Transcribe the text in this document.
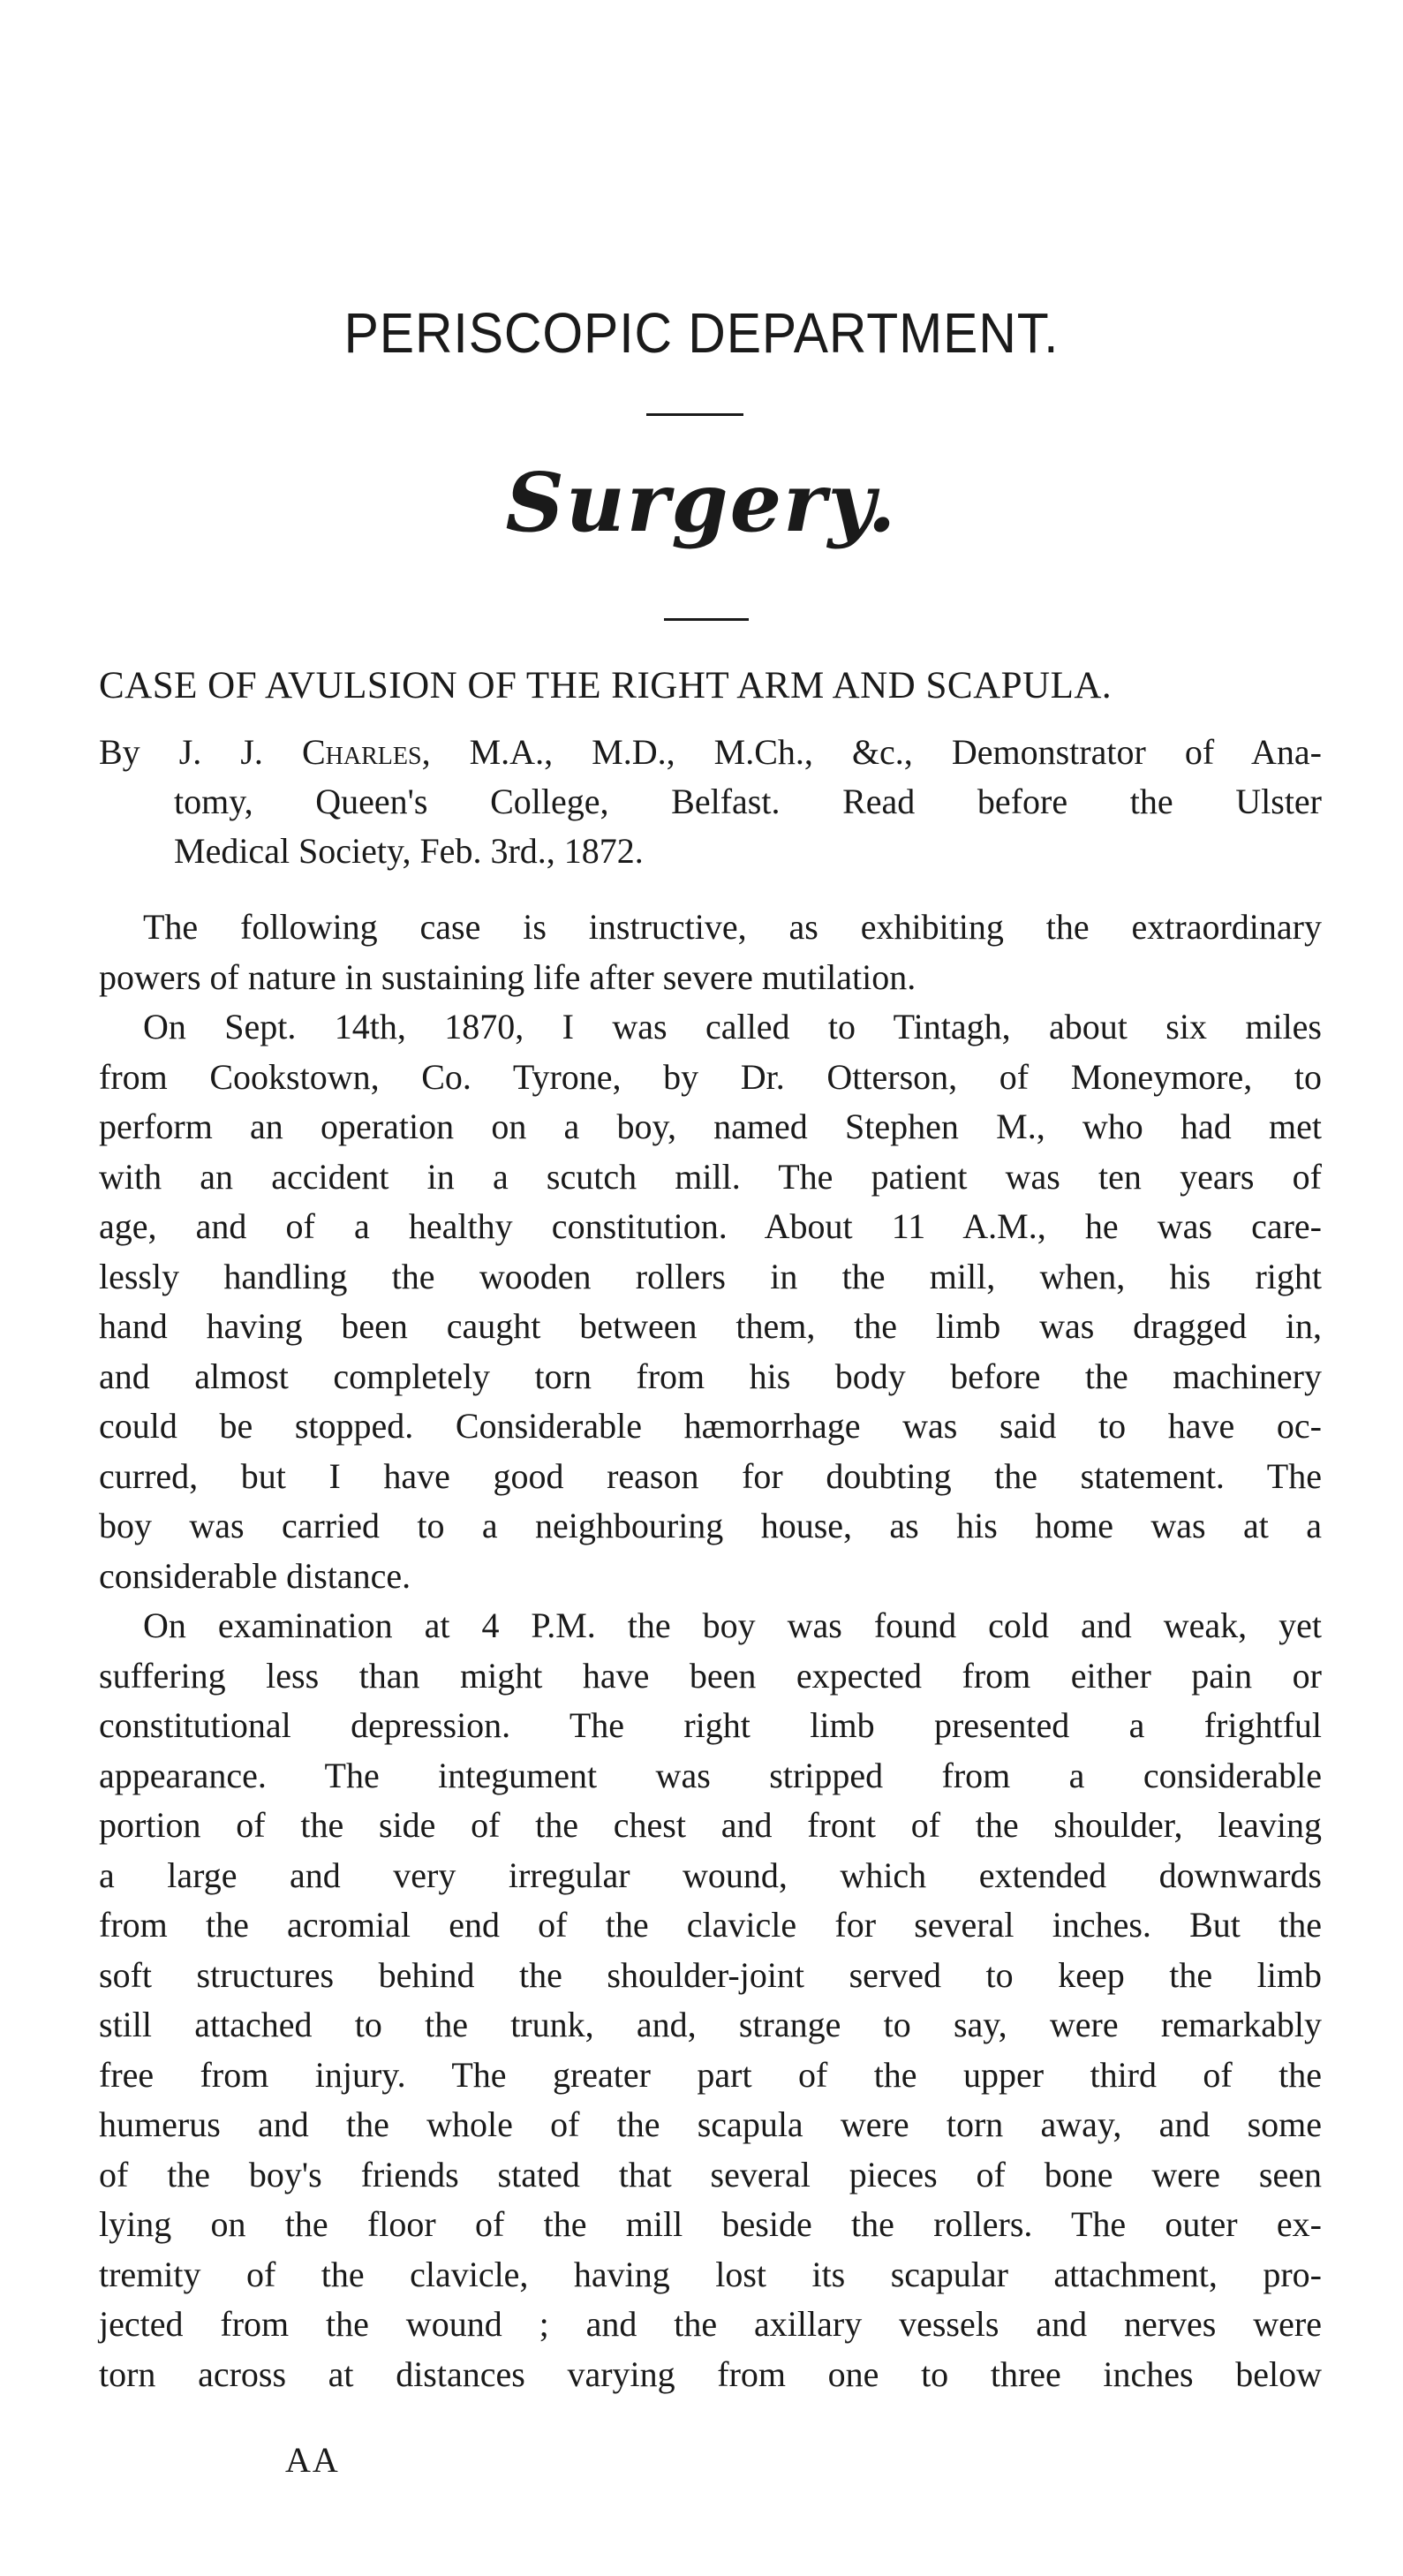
PERISCOPIC DEPARTMENT.
Surgery.
CASE OF AVULSION OF THE RIGHT ARM AND SCAPULA.
By J. J. Charles, M.A., M.D., M.Ch., &c., Demonstrator of Ana-
tomy, Queen's College, Belfast. Read before the Ulster
Medical Society, Feb. 3rd., 1872.
The following case is instructive, as exhibiting the extraordinary
powers of nature in sustaining life after severe mutilation.
On Sept. 14th, 1870, I was called to Tintagh, about six miles
from Cookstown, Co. Tyrone, by Dr. Otterson, of Moneymore, to
perform an operation on a boy, named Stephen M., who had met
with an accident in a scutch mill. The patient was ten years of
age, and of a healthy constitution. About 11 A.M., he was care-
lessly handling the wooden rollers in the mill, when, his right
hand having been caught between them, the limb was dragged in,
and almost completely torn from his body before the machinery
could be stopped. Considerable hæmorrhage was said to have oc-
curred, but I have good reason for doubting the statement. The
boy was carried to a neighbouring house, as his home was at a
considerable distance.
On examination at 4 P.M. the boy was found cold and weak, yet
suffering less than might have been expected from either pain or
constitutional depression. The right limb presented a frightful
appearance. The integument was stripped from a considerable
portion of the side of the chest and front of the shoulder, leaving
a large and very irregular wound, which extended downwards
from the acromial end of the clavicle for several inches. But the
soft structures behind the shoulder-joint served to keep the limb
still attached to the trunk, and, strange to say, were remarkably
free from injury. The greater part of the upper third of the
humerus and the whole of the scapula were torn away, and some
of the boy's friends stated that several pieces of bone were seen
lying on the floor of the mill beside the rollers. The outer ex-
tremity of the clavicle, having lost its scapular attachment, pro-
jected from the wound ; and the axillary vessels and nerves were
torn across at distances varying from one to three inches below
AA
